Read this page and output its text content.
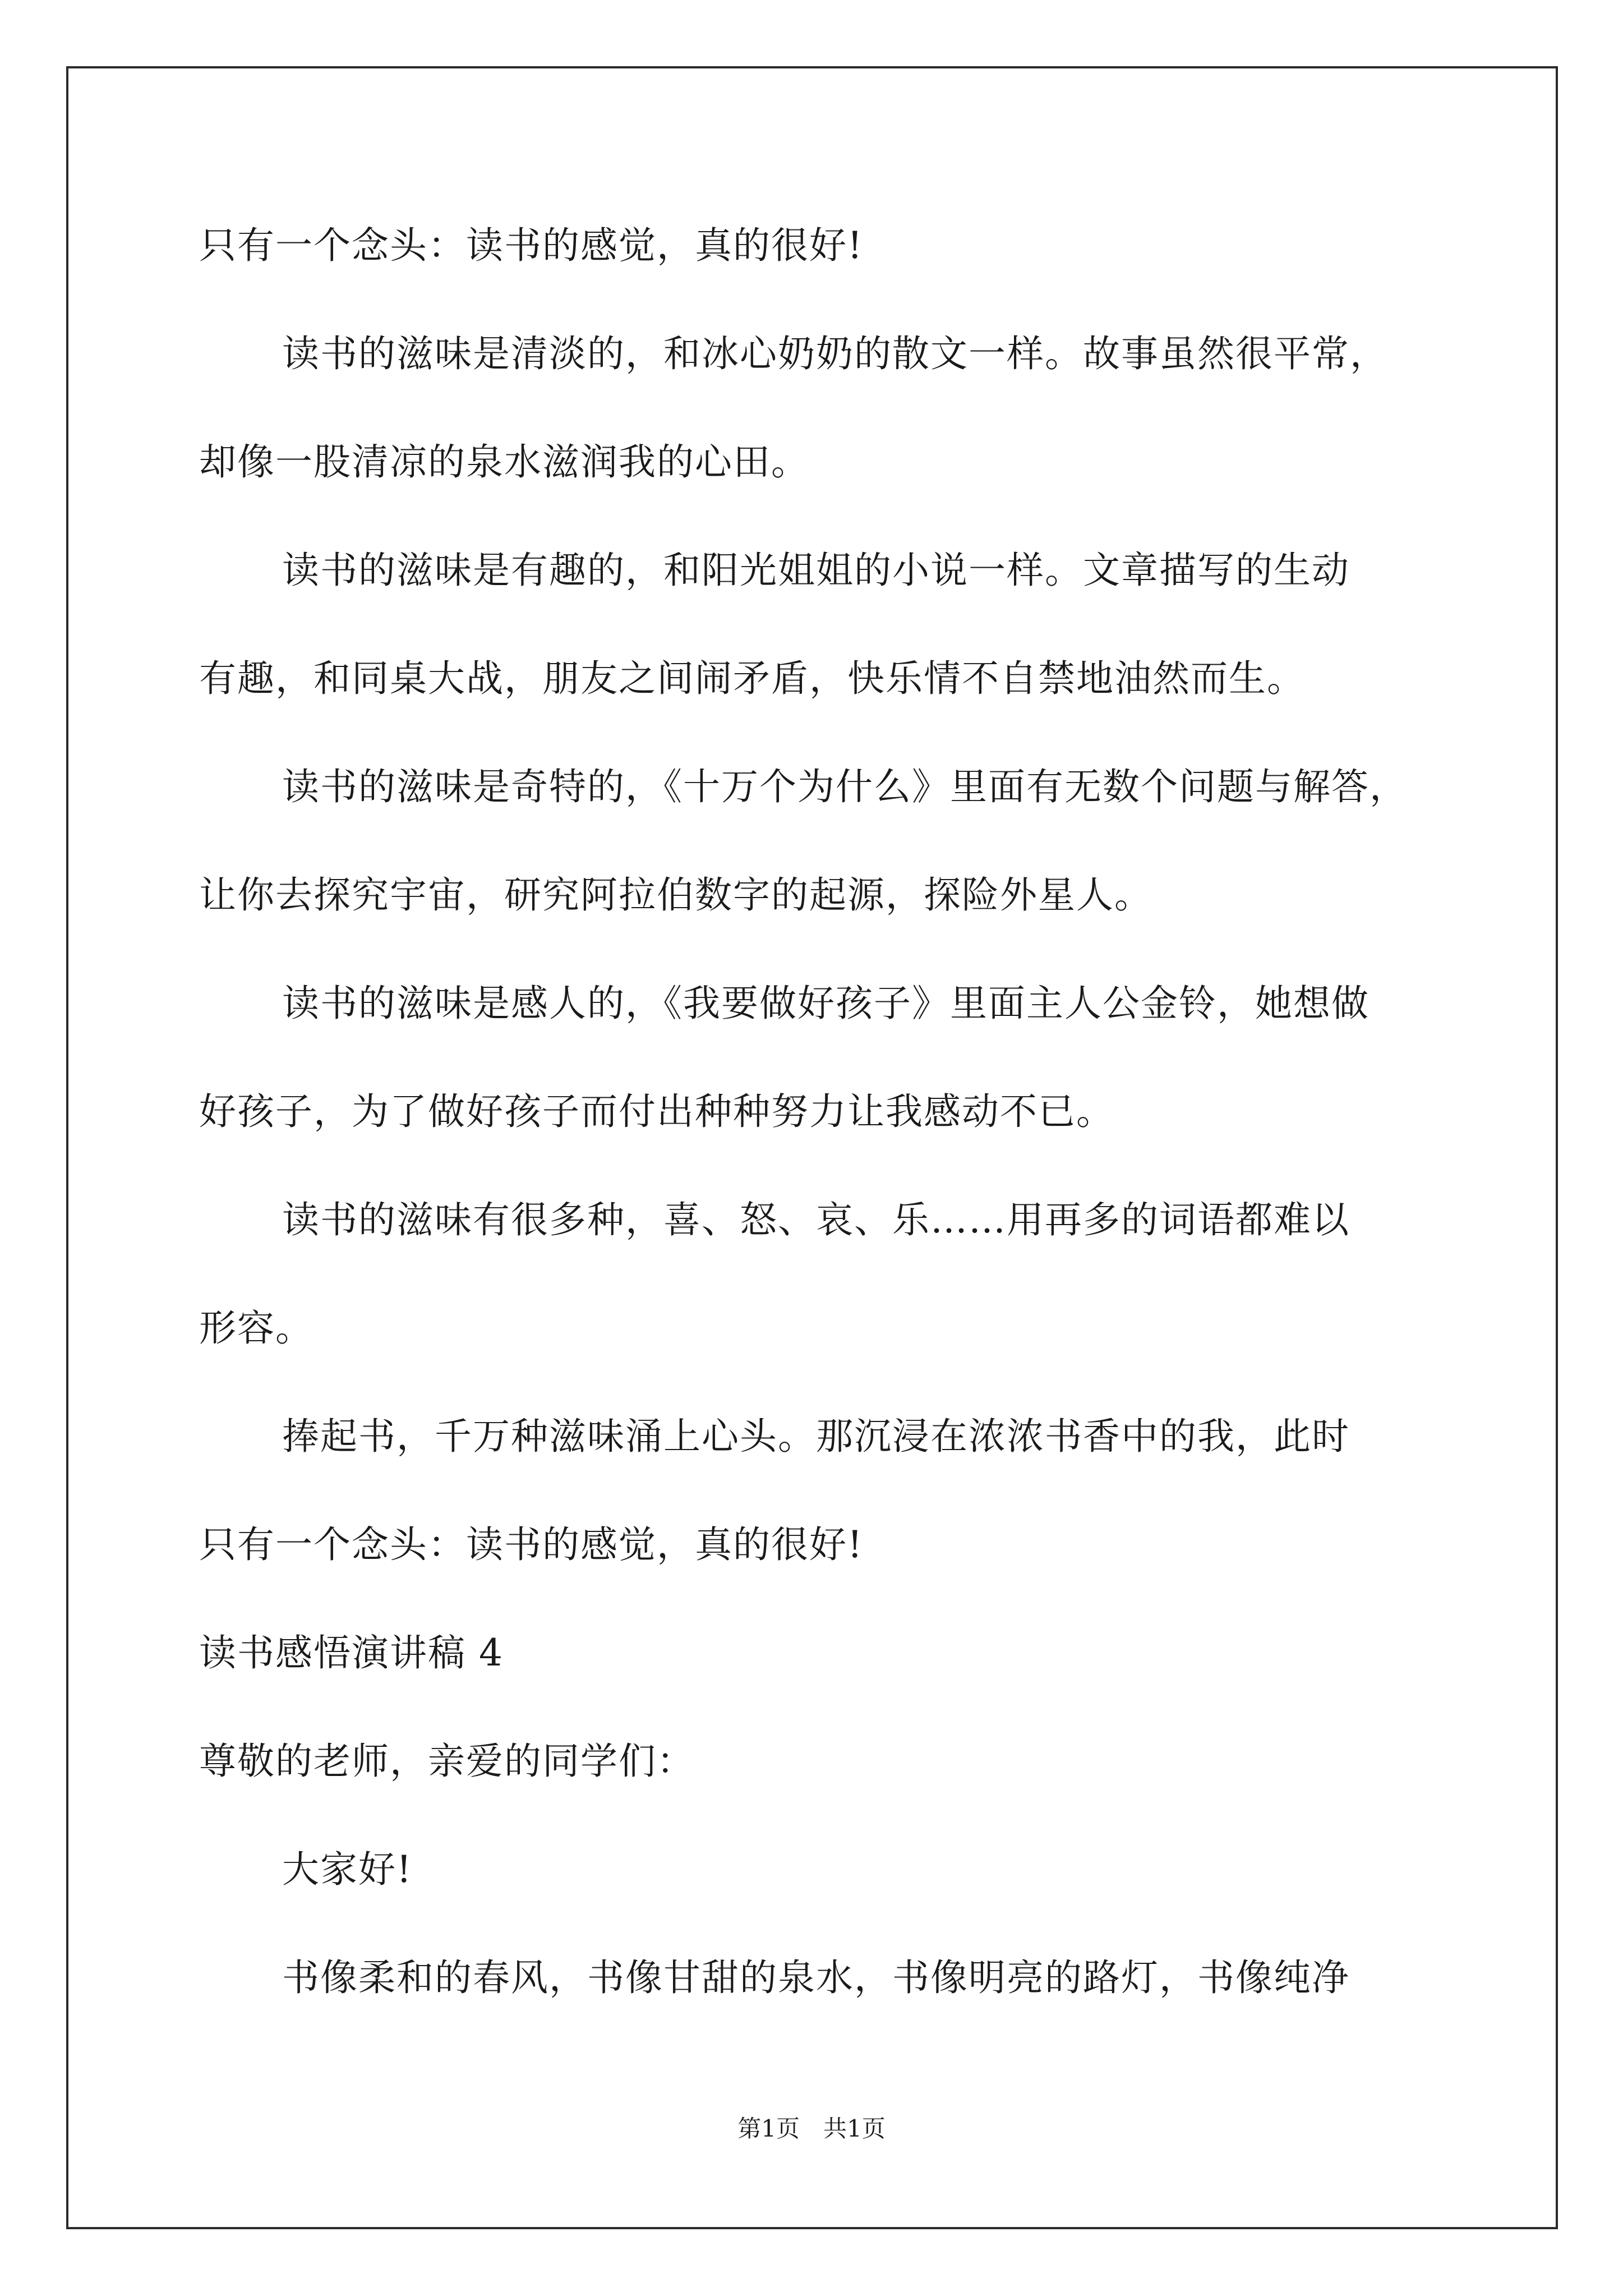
只有一个念头：读书的感觉，真的很好!
读书的滋味是清淡的，和冰心奶奶的散文一样。故事虽然很平常，
却像一股清凉的泉水滋润我的心田。
读书的滋味是有趣的，和阳光姐姐的小说一样。文章描写的生动
有趣，和同桌大战，朋友之间闹矛盾，快乐情不自禁地油然而生。
读书的滋味是奇特的，《十万个为什么》里面有无数个问题与解答，
让你去探究宇宙，研究阿拉伯数字的起源，探险外星人。
读书的滋味是感人的，《我要做好孩子》里面主人公金铃，她想做
好孩子，为了做好孩子而付出种种努力让我感动不已。
读书的滋味有很多种，喜、怒、哀、乐……用再多的词语都难以
形容。
捧起书，千万种滋味涌上心头。那沉浸在浓浓书香中的我，此时
只有一个念头：读书的感觉，真的很好!
读书感悟演讲稿 4
尊敬的老师，亲爱的同学们：
大家好!
书像柔和的春风，书像甘甜的泉水，书像明亮的路灯，书像纯净
第1页　共1页
